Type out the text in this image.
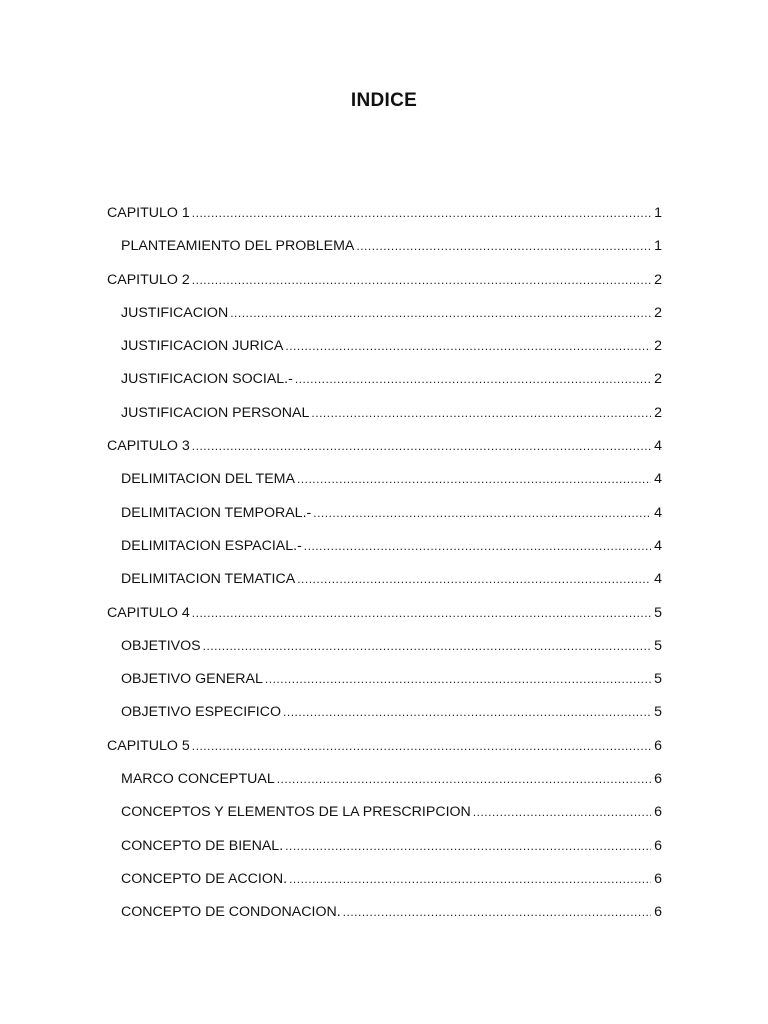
INDICE
CAPITULO 1 .....	1
PLANTEAMIENTO DEL PROBLEMA .....	1
CAPITULO 2 .....	2
JUSTIFICACION .....	2
JUSTIFICACION JURICA .....	2
JUSTIFICACION SOCIAL.- .....	2
JUSTIFICACION PERSONAL .....	2
CAPITULO 3 .....	4
DELIMITACION DEL TEMA .....	4
DELIMITACION TEMPORAL.- .....	4
DELIMITACION ESPACIAL.- .....	4
DELIMITACION TEMATICA .....	4
CAPITULO 4 .....	5
OBJETIVOS .....	5
OBJETIVO GENERAL .....	5
OBJETIVO ESPECIFICO .....	5
CAPITULO 5 .....	6
MARCO CONCEPTUAL .....	6
CONCEPTOS Y ELEMENTOS DE LA PRESCRIPCION .....	6
CONCEPTO DE BIENAL. .....	6
CONCEPTO DE ACCION. .....	6
CONCEPTO DE CONDONACION. .....	6
